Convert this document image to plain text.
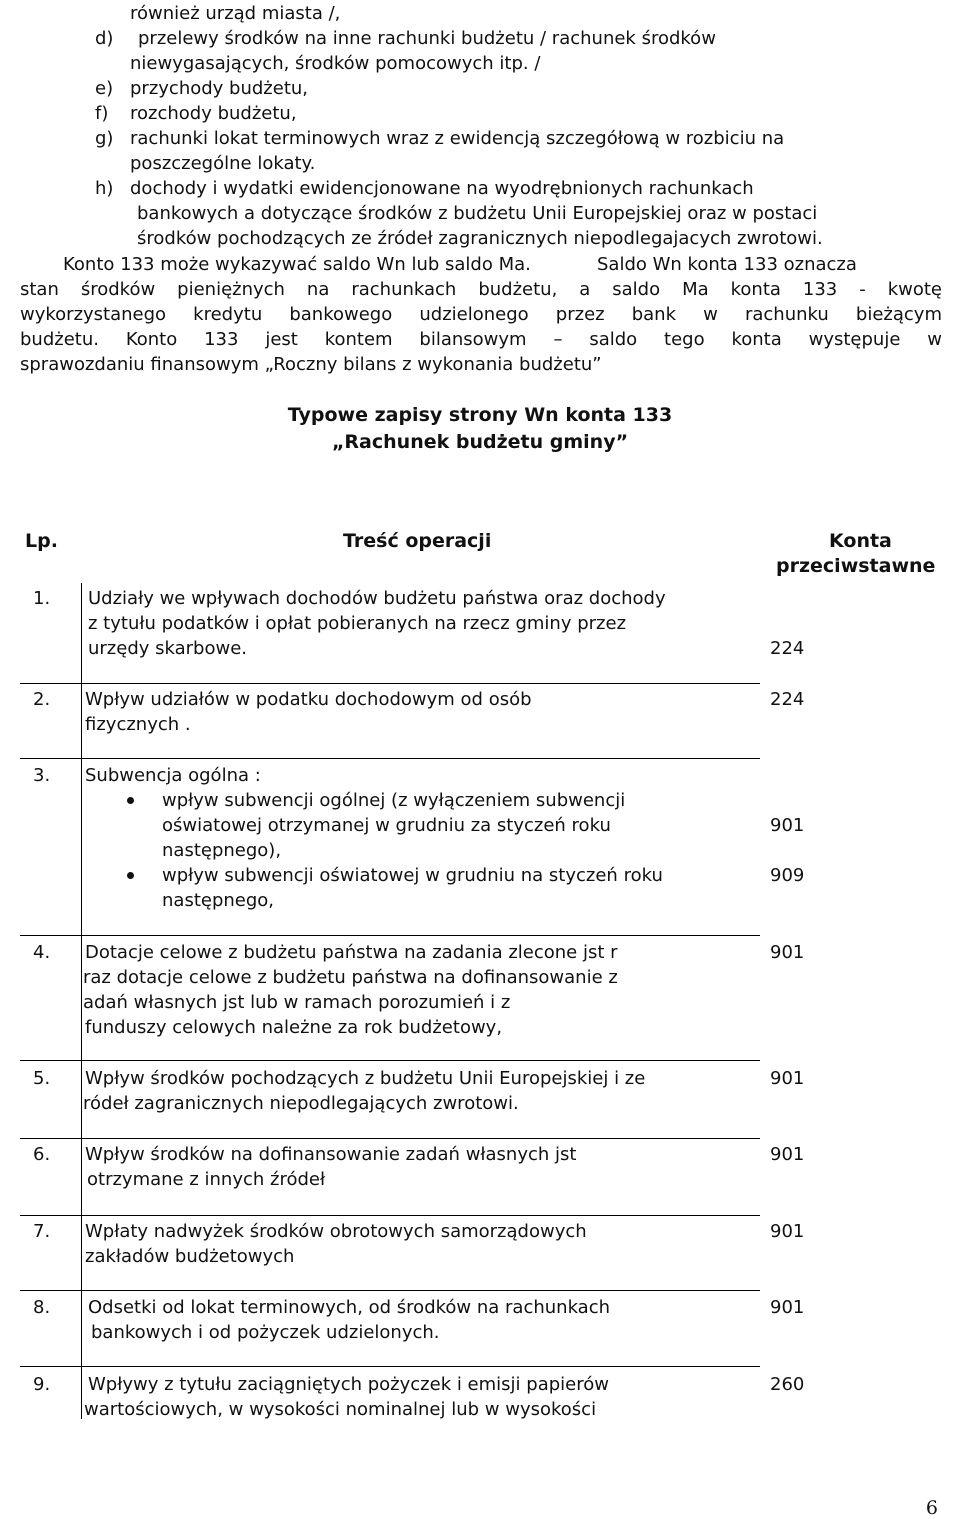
również urząd miasta /,
d) przelewy środków na inne rachunki budżetu / rachunek środków
niewygasających, środków pomocowych itp. /
e) przychody budżetu,
f) rozchody budżetu,
g) rachunki lokat terminowych wraz z ewidencją szczegółową w rozbiciu na
poszczególne lokaty.
h) dochody i wydatki ewidencjonowane na wyodrębnionych rachunkach
bankowych a dotyczące środków z budżetu Unii Europejskiej oraz w postaci
środków pochodzących ze źródeł zagranicznych niepodlegajacych zwrotowi.
Konto 133 może wykazywać saldo Wn lub saldo Ma.	Saldo Wn konta 133 oznacza
stan środków pieniężnych na rachunkach budżetu, a saldo Ma konta 133 - kwotę
wykorzystanego kredytu bankowego udzielonego przez bank w rachunku bieżącym
budżetu. Konto 133 jest kontem bilansowym – saldo tego konta występuje w
sprawozdaniu finansowym „Roczny bilans z wykonania budżetu”
Typowe zapisy strony Wn konta 133
„Rachunek budżetu gminy”
Lp.	Treść operacji	Konta
przeciwstawne
1. Udziały we wpływach dochodów budżetu państwa oraz dochody
z tytułu podatków i opłat pobieranych na rzecz gminy przez
urzędy skarbowe.	224
2. Wpływ udziałów w podatku dochodowym od osób
fizycznych .
224
3. Subwencja ogólna :
wpływ subwencji ogólnej (z wyłączeniem subwencji
oświatowej otrzymanej w grudniu za styczeń roku
następnego),
901
wpływ subwencji oświatowej w grudniu na styczeń roku
następnego,
909
4. Dotacje celowe z budżetu państwa na zadania zlecone jst r
raz dotacje celowe z budżetu państwa na dofinansowanie z
adań własnych jst lub w ramach porozumień i z
funduszy celowych należne za rok budżetowy,
901
5. Wpływ środków pochodzących z budżetu Unii Europejskiej i ze
ródeł zagranicznych niepodlegających zwrotowi.
901
6. Wpływ środków na dofinansowanie zadań własnych jst
otrzymane z innych źródeł
901
7. Wpłaty nadwyżek środków obrotowych samorządowych
zakładów budżetowych
901
8. Odsetki od lokat terminowych, od środków na rachunkach
bankowych i od pożyczek udzielonych.
901
9. Wpływy z tytułu zaciągniętych pożyczek i emisji papierów
wartościowych, w wysokości nominalnej lub w wysokości
260
6
